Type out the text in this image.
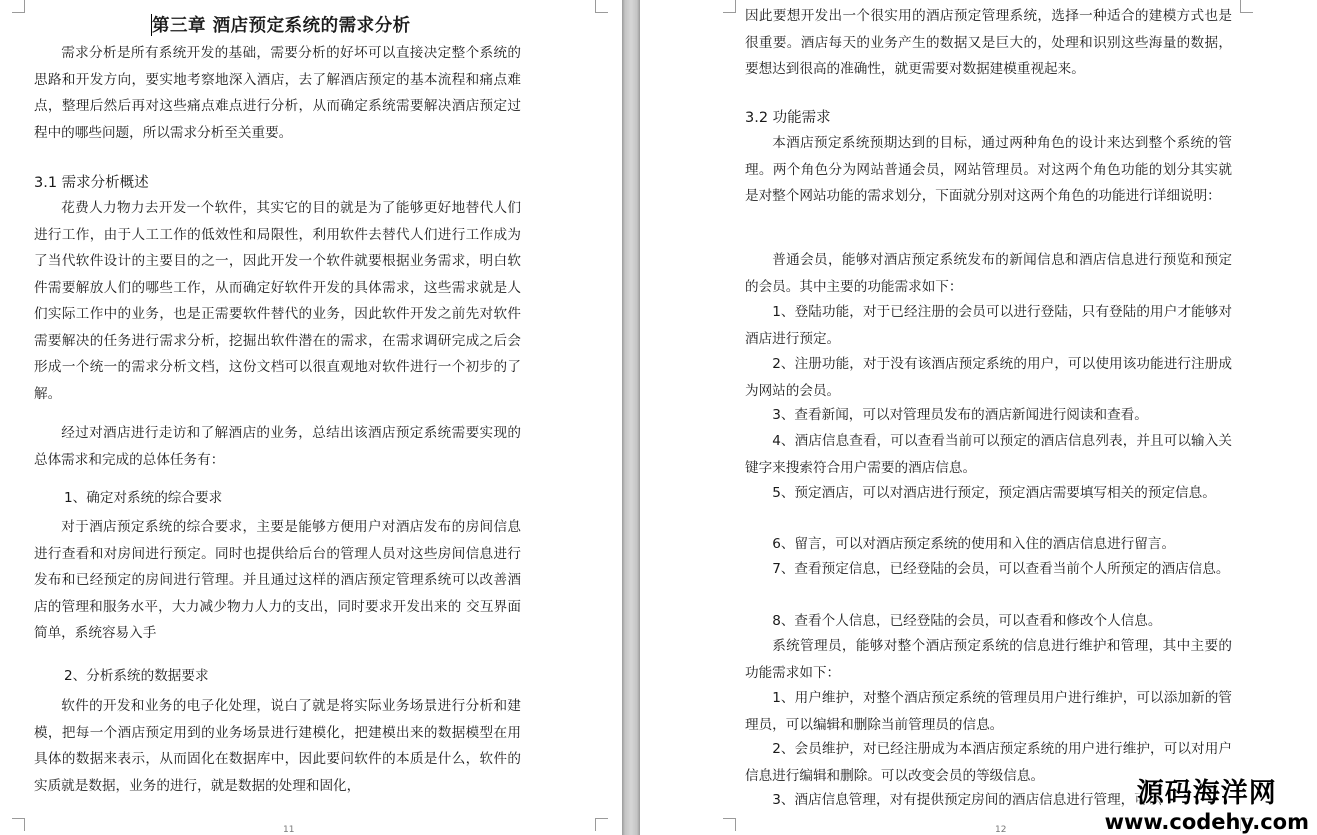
第三章 酒店预定系统的需求分析

需求分析是所有系统开发的基础，需要分析的好坏可以直接决定整个系统的思路和开发方向，要实地考察地深入酒店，去了解酒店预定的基本流程和痛点难点，整理后然后再对这些痛点难点进行分析，从而确定系统需要解决酒店预定过程中的哪些问题，所以需求分析至关重要。

3.1 需求分析概述

花费人力物力去开发一个软件，其实它的目的就是为了能够更好地替代人们进行工作，由于人工工作的低效性和局限性，利用软件去替代人们进行工作成为了当代软件设计的主要目的之一，因此开发一个软件就要根据业务需求，明白软件需要解放人们的哪些工作，从而确定好软件开发的具体需求，这些需求就是人们实际工作中的业务，也是正需要软件替代的业务，因此软件开发之前先对软件需要解决的任务进行需求分析，挖掘出软件潜在的需求，在需求调研完成之后会形成一个统一的需求分析文档，这份文档可以很直观地对软件进行一个初步的了解。

经过对酒店进行走访和了解酒店的业务，总结出该酒店预定系统需要实现的总体需求和完成的总体任务有：

1、确定对系统的综合要求

对于酒店预定系统的综合要求，主要是能够方便用户对酒店发布的房间信息进行查看和对房间进行预定。同时也提供给后台的管理人员对这些房间信息进行发布和已经预定的房间进行管理。并且通过这样的酒店预定管理系统可以改善酒店的管理和服务水平，大力减少物力人力的支出，同时要求开发出来的 交互界面简单，系统容易入手

2、分析系统的数据要求

软件的开发和业务的电子化处理，说白了就是将实际业务场景进行分析和建模，把每一个酒店预定用到的业务场景进行建模化，把建模出来的数据模型在用具体的数据来表示，从而固化在数据库中，因此要问软件的本质是什么，软件的实质就是数据，业务的进行，就是数据的处理和固化，

11

因此要想开发出一个很实用的酒店预定管理系统，选择一种适合的建模方式也是很重要。酒店每天的业务产生的数据又是巨大的，处理和识别这些海量的数据，要想达到很高的准确性，就更需要对数据建模重视起来。

3.2 功能需求

本酒店预定系统预期达到的目标，通过两种角色的设计来达到整个系统的管理。两个角色分为网站普通会员，网站管理员。对这两个角色功能的划分其实就是对整个网站功能的需求划分，下面就分别对这两个角色的功能进行详细说明：

普通会员，能够对酒店预定系统发布的新闻信息和酒店信息进行预览和预定的会员。其中主要的功能需求如下：

1、登陆功能，对于已经注册的会员可以进行登陆，只有登陆的用户才能够对酒店进行预定。

2、注册功能，对于没有该酒店预定系统的用户，可以使用该功能进行注册成为网站的会员。

3、查看新闻，可以对管理员发布的酒店新闻进行阅读和查看。

4、酒店信息查看，可以查看当前可以预定的酒店信息列表，并且可以输入关键字来搜索符合用户需要的酒店信息。

5、预定酒店，可以对酒店进行预定，预定酒店需要填写相关的预定信息。

6、留言，可以对酒店预定系统的使用和入住的酒店信息进行留言。

7、查看预定信息，已经登陆的会员，可以查看当前个人所预定的酒店信息。

8、查看个人信息，已经登陆的会员，可以查看和修改个人信息。

系统管理员，能够对整个酒店预定系统的信息进行维护和管理，其中主要的功能需求如下：

1、用户维护，对整个酒店预定系统的管理员用户进行维护，可以添加新的管理员，可以编辑和删除当前管理员的信息。

2、会员维护，对已经注册成为本酒店预定系统的用户进行维护，可以对用户信息进行编辑和删除。可以改变会员的等级信息。

3、酒店信息管理，对有提供预定房间的酒店信息进行管理，可以

12
源码海洋网
www.codehy.com
